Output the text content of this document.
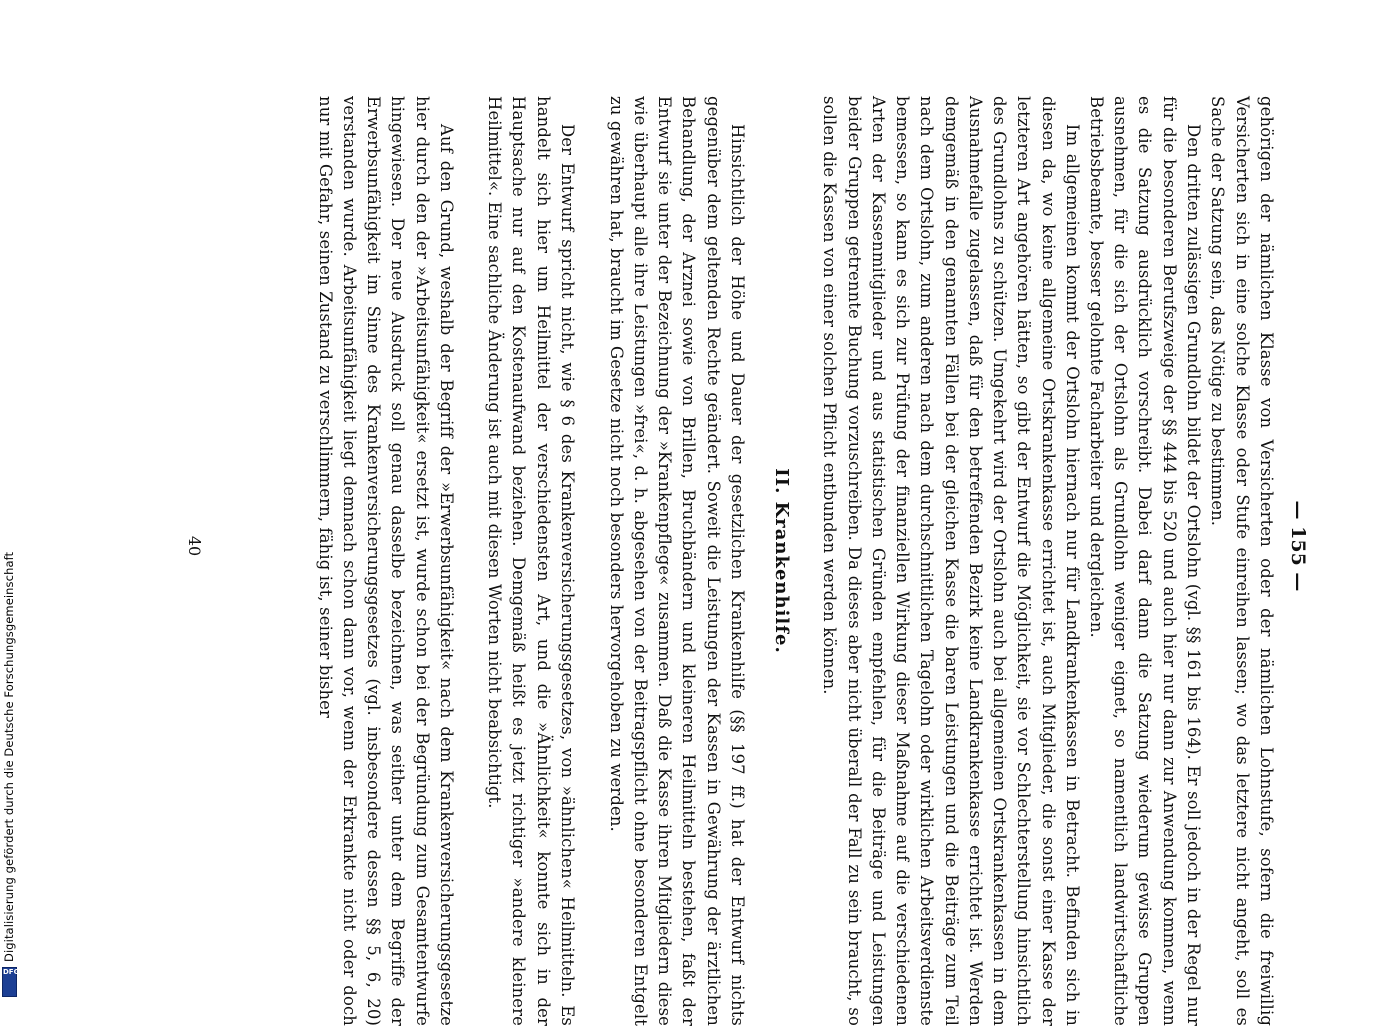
— 155 —
gehörigen der nämlichen Klasse von Versicherten oder der nämlichen Lohnstufe, sofern die freiwillig Versicherten sich in eine solche Klasse oder Stufe einreihen lassen; wo das letztere nicht angeht, soll es Sache der Satzung sein, das Nötige zu bestimmen.
Den dritten zulässigen Grundlohn bildet der Ortslohn (vgl. §§ 161 bis 164). Er soll jedoch in der Regel nur für die besonderen Berufszweige der §§ 444 bis 520 und auch hier nur dann zur Anwendung kommen, wenn es die Satzung ausdrücklich vorschreibt. Dabei darf dann die Satzung wiederum gewisse Gruppen ausnehmen, für die sich der Ortslohn als Grundlohn weniger eignet, so namentlich landwirtschaftliche Betriebsbeamte, besser gelohnte Facharbeiter und dergleichen.
Im allgemeinen kommt der Ortslohn hiernach nur für Landkrankenkassen in Betracht. Befinden sich in diesen da, wo keine allgemeine Ortskrankenkasse errichtet ist, auch Mitglieder, die sonst einer Kasse der letzteren Art angehören hätten, so gibt der Entwurf die Möglichkeit, sie vor Schlechterstellung hinsichtlich des Grundlohns zu schützen. Umgekehrt wird der Ortslohn auch bei allgemeinen Ortskrankenkassen in dem Ausnahmefalle zugelassen, daß für den betreffenden Bezirk keine Landkrankenkasse errichtet ist. Werden demgemäß in den genannten Fällen bei der gleichen Kasse die baren Leistungen und die Beiträge zum Teil nach dem Ortslohn, zum anderen nach dem durchschnittlichen Tagelohn oder wirklichen Arbeitsverdienste bemessen, so kann es sich zur Prüfung der finanziellen Wirkung dieser Maßnahme auf die verschiedenen Arten der Kassenmitglieder und aus statistischen Gründen empfehlen, für die Beiträge und Leistungen beider Gruppen getrennte Buchung vorzuschreiben. Da dieses aber nicht überall der Fall zu sein braucht, so sollen die Kassen von einer solchen Pflicht entbunden werden können.
II. Krankenhilfe.
Hinsichtlich der Höhe und Dauer der gesetzlichen Krankenhilfe (§§ 197 ff.) hat der Entwurf nichts gegenüber dem geltenden Rechte geändert. Soweit die Leistungen der Kassen in Gewährung der ärztlichen Behandlung, der Arznei sowie von Brillen, Bruchbändern und kleineren Heilmitteln bestehen, faßt der Entwurf sie unter der Bezeichnung der »Krankenpflege« zusammen. Daß die Kasse ihren Mitgliedern diese wie überhaupt alle ihre Leistungen »frei«, d. h. abgesehen von der Beitragspflicht ohne besonderen Entgelt zu gewähren hat, braucht im Gesetze nicht noch besonders hervorgehoben zu werden.
Der Entwurf spricht nicht, wie § 6 des Krankenversicherungsgesetzes, von »ähnlichen« Heilmitteln. Es handelt sich hier um Heilmittel der verschiedensten Art, und die »Ähnlichkeit« konnte sich in der Hauptsache nur auf den Kostenaufwand beziehen. Demgemäß heißt es jetzt richtiger »andere kleinere Heilmittel«. Eine sachliche Änderung ist auch mit diesen Worten nicht beabsichtigt.
Auf den Grund, weshalb der Begriff der »Erwerbsunfähigkeit« nach dem Krankenversicherungsgesetze hier durch den der »Arbeitsunfähigkeit« ersetzt ist, wurde schon bei der Begründung zum Gesamtentwurfe hingewiesen. Der neue Ausdruck soll genau dasselbe bezeichnen, was seither unter dem Begriffe der Erwerbsunfähigkeit im Sinne des Krankenversicherungsgesetzes (vgl. insbesondere dessen §§ 5, 6, 20) verstanden wurde. Arbeitsunfähigkeit liegt demnach schon dann vor, wenn der Erkrankte nicht oder doch nur mit Gefahr, seinen Zustand zu verschlimmern, fähig ist, seiner bisher
40
Digitalisierung gefördert durch die Deutsche Forschungsgemeinschaft
DFG
